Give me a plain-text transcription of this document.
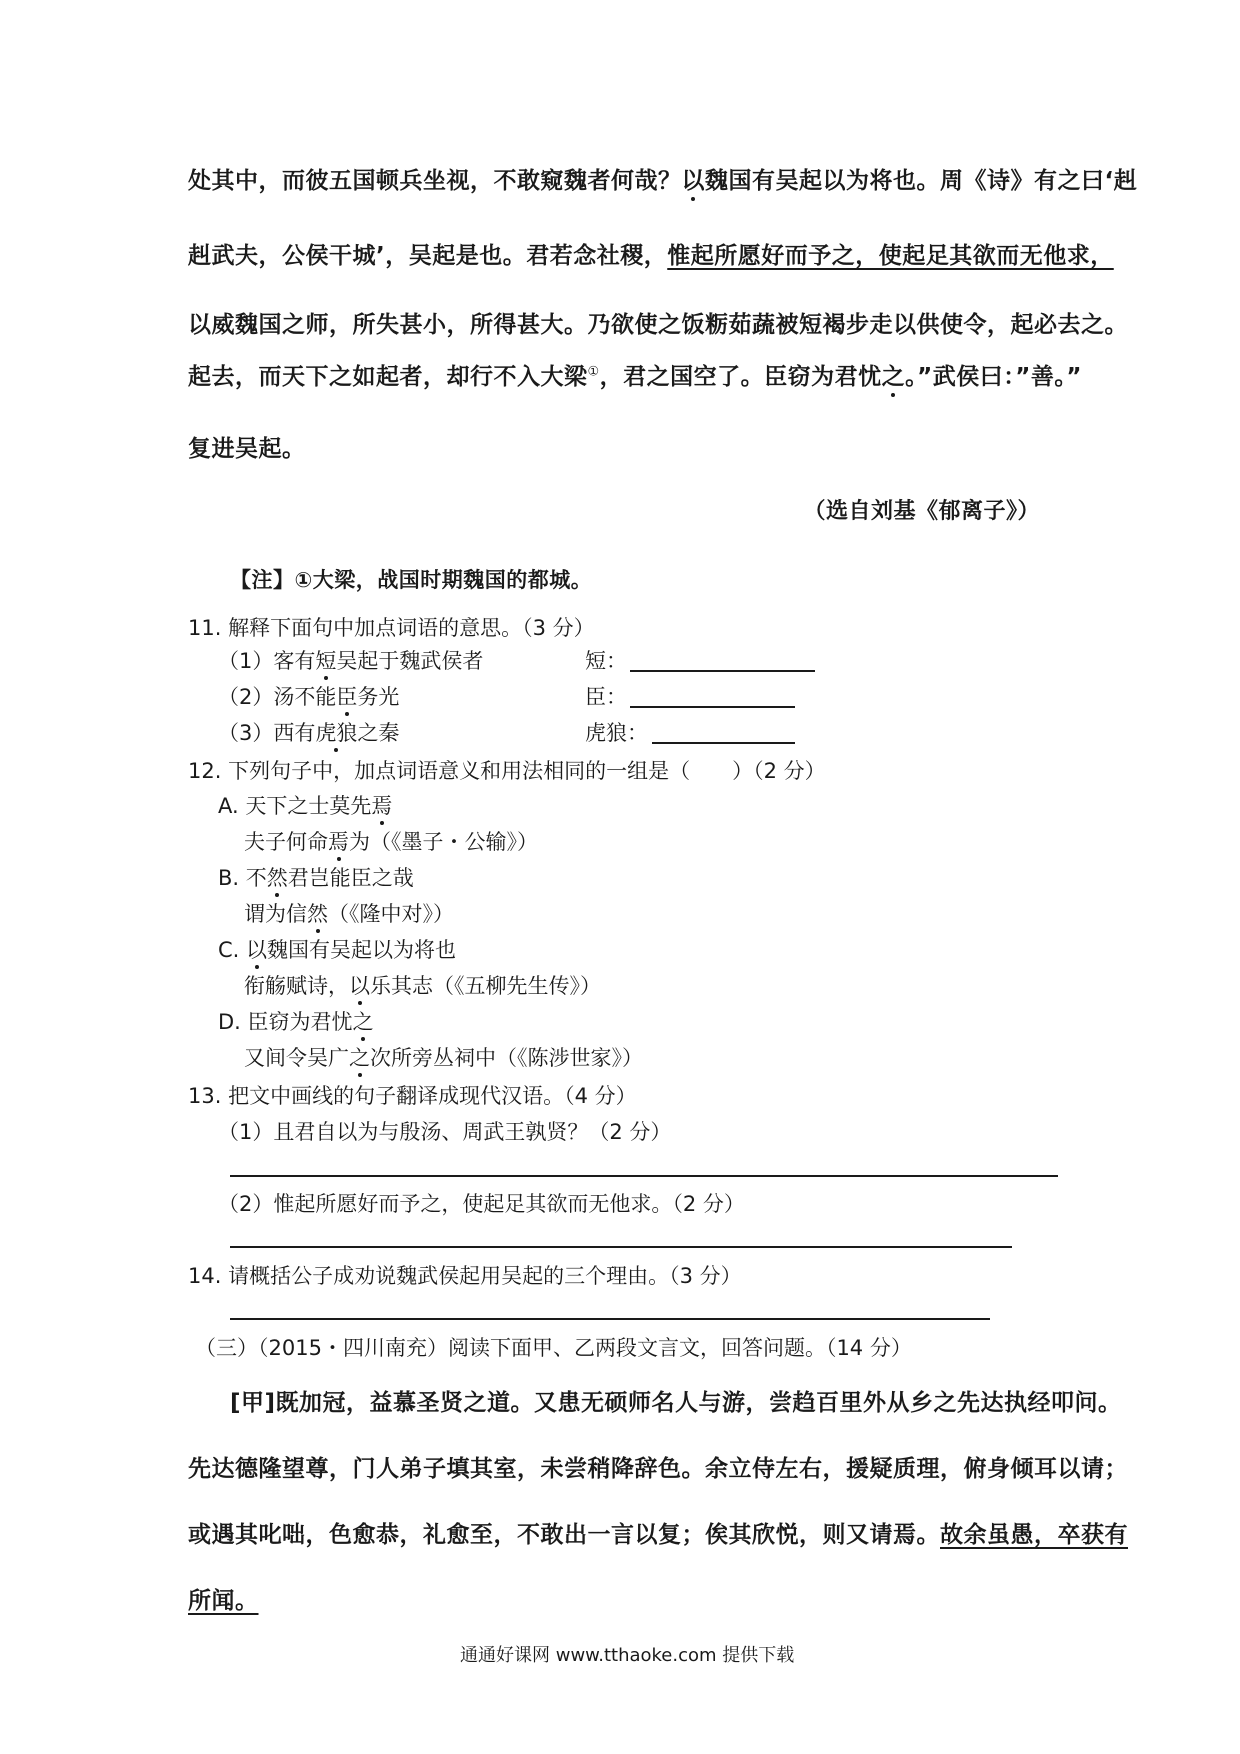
处其中，而彼五国顿兵坐视，不敢窥魏者何哉？以魏国有吴起以为将也。周《诗》有之曰‘赳
赳武夫，公侯干城’，吴起是也。君若念社稷，惟起所愿好而予之，使起足其欲而无他求，
以威魏国之师，所失甚小，所得甚大。乃欲使之饭粝茹蔬被短褐步走以供使令，起必去之。
起去，而天下之如起者，却行不入大梁①，君之国空了。臣窃为君忧之。”武侯曰：”善。”
复进吴起。
（选自刘基《郁离子》）
【注】①大梁，战国时期魏国的都城。
11. 解释下面句中加点词语的意思。（3 分）
（1）客有短吴起于魏武侯者	短：
（2）汤不能臣务光	臣：
（3）西有虎狼之秦	虎狼：
12. 下列句子中，加点词语意义和用法相同的一组是（　　）（2 分）
A. 天下之士莫先焉
夫子何命焉为（《墨子・公输》）
B. 不然君岂能臣之哉
谓为信然（《隆中对》）
C. 以魏国有吴起以为将也
衔觞赋诗，以乐其志（《五柳先生传》）
D. 臣窃为君忧之
又间令吴广之次所旁丛祠中（《陈涉世家》）
13. 把文中画线的句子翻译成现代汉语。（4 分）
（1）且君自以为与殷汤、周武王孰贤？（2 分）
（2）惟起所愿好而予之，使起足其欲而无他求。（2 分）
14. 请概括公子成劝说魏武侯起用吴起的三个理由。（3 分）
（三）（2015・四川南充）阅读下面甲、乙两段文言文，回答问题。（14 分）
[甲]既加冠，益慕圣贤之道。又患无硕师名人与游，尝趋百里外从乡之先达执经叩问。
先达德隆望尊，门人弟子填其室，未尝稍降辞色。余立侍左右，援疑质理，俯身倾耳以请；
或遇其叱咄，色愈恭，礼愈至，不敢出一言以复；俟其欣悦，则又请焉。故余虽愚，卒获有
所闻。
通通好课网 www.tthaoke.com 提供下载
